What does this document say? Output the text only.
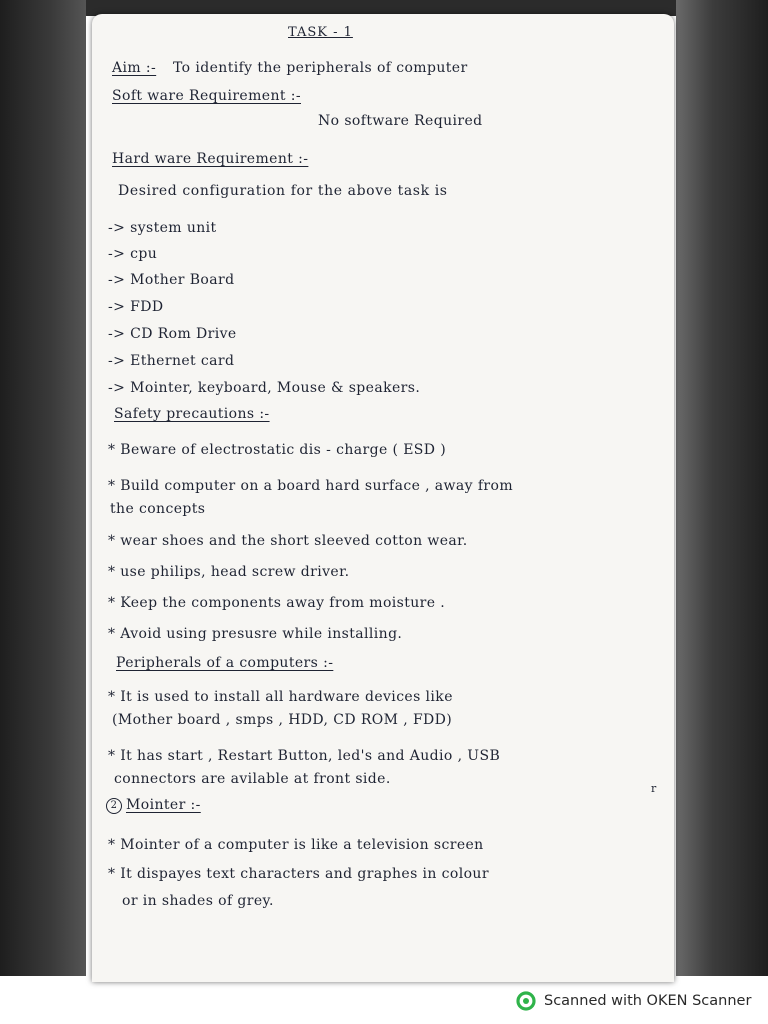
TASK - 1
Aim :- To identify the peripherals of computer
Soft ware Requirement :-
No software Required
Hard ware Requirement :-
Desired configuration for the above task is
-> system unit
-> cpu
-> Mother Board
-> FDD
-> CD Rom Drive
-> Ethernet card
-> Mointer, keyboard, Mouse & speakers.
Safety precautions :-
* Beware of electrostatic dis - charge ( ESD )
* Build computer on a board hard surface , away from
the concepts
* wear shoes and the short sleeved cotton wear.
* use philips, head screw driver.
* Keep the components away from moisture .
* Avoid using presusre while installing.
Peripherals of a computers :-
* It is used to install all hardware devices like
(Mother board , smps , HDD, CD ROM , FDD)
* It has start , Restart Button, led's and Audio , USB
connectors are avilable at front side.
r
2 Mointer :-
* Mointer of a computer is like a television screen
* It dispayes text characters and graphes in colour
or in shades of grey.
Scanned with OKEN Scanner
